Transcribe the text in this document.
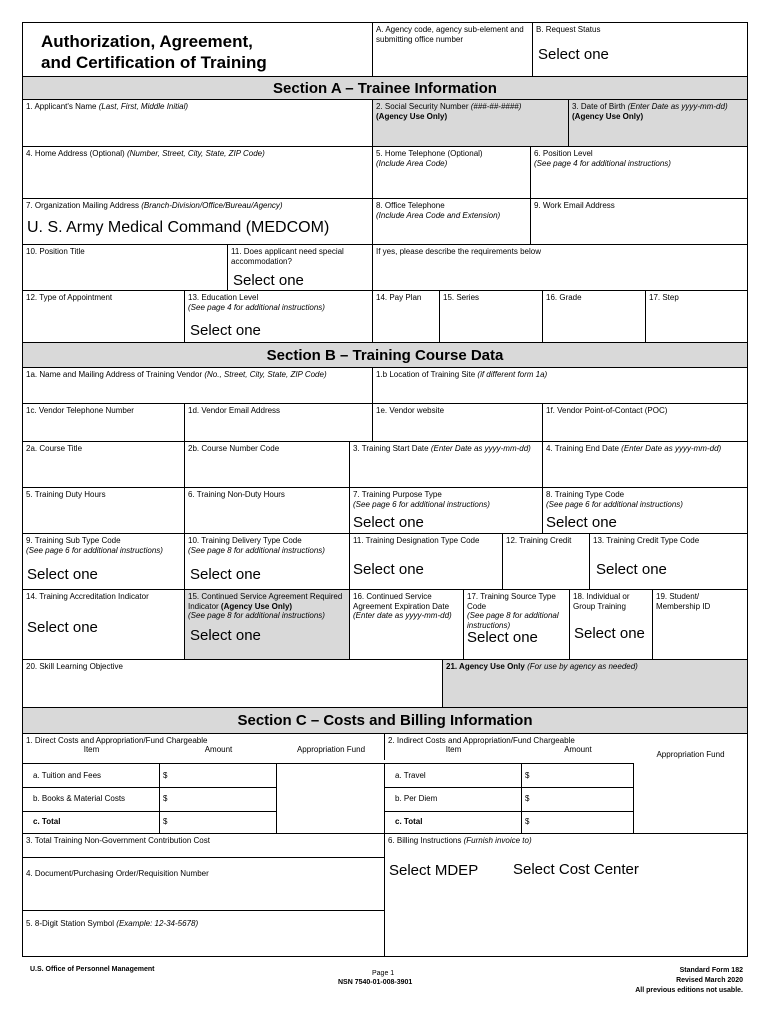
Authorization, Agreement,
and Certification of Training
A. Agency code, agency sub-element and submitting office number
B. Request Status
Select one
Section A – Trainee Information
1. Applicant's Name (Last, First, Middle Initial)	2. Social Security Number (###-##-####)
(Agency Use Only)
3. Date of Birth (Enter Date as yyyy-mm-dd)
(Agency Use Only)
4. Home Address (Optional) (Number, Street, City, State, ZIP Code)	5. Home Telephone (Optional)
(Include Area Code)
6. Position Level
(See page 4 for additional instructions)
7. Organization Mailing Address (Branch-Division/Office/Bureau/Agency)
U. S. Army Medical Command (MEDCOM)
8. Office Telephone
(Include Area Code and Extension)
9. Work Email Address
10. Position Title	11. Does applicant need special accommodation?
Select one
If yes, please describe the requirements below
12. Type of Appointment	13. Education Level
(See page 4 for additional instructions)
Select one
14. Pay Plan	15. Series	16. Grade	17. Step
Section B – Training Course Data
1a. Name and Mailing Address of Training Vendor (No., Street, City, State, ZIP Code)	1.b Location of Training Site (if different form 1a)
1c. Vendor Telephone Number	1d. Vendor Email Address	1e. Vendor website	1f. Vendor Point-of-Contact (POC)
2a. Course Title	2b. Course Number Code	3. Training Start Date (Enter Date as yyyy-mm-dd)	4. Training End Date (Enter Date as yyyy-mm-dd)
5. Training Duty Hours	6. Training Non-Duty Hours	7. Training Purpose Type
(See page 6 for additional instructions)
Select one
8. Training Type Code
(See page 6 for additional instructions)
Select one
9. Training Sub Type Code
(See page 6 for additional instructions)
Select one
10. Training Delivery Type Code
(See page 8 for additional instructions)
Select one
11. Training Designation Type Code
Select one
12. Training Credit	13. Training Credit Type Code
Select one
14. Training Accreditation Indicator
Select one
15. Continued Service Agreement Required Indicator (Agency Use Only)
(See page 8 for additional instructions)
Select one
16. Continued Service Agreement Expiration Date
(Enter date as yyyy-mm-dd)
17. Training Source Type Code
(See page 8 for additional instructions)
Select one
18. Individual or Group Training
Select one
19. Student/ Membership ID
20. Skill Learning Objective	21. Agency Use Only (For use by agency as needed)
Section C – Costs and Billing Information
1. Direct Costs and Appropriation/Fund Chargeable
Item	Amount	Appropriation Fund
2. Indirect Costs and Appropriation/Fund Chargeable
Item	Amount
Appropriation Fund
a. Tuition and Fees	$
b. Books & Material Costs	$
c. Total	$
a. Travel	$
b. Per Diem	$
c. Total	$
3. Total Training Non-Government Contribution Cost
4. Document/Purchasing Order/Requisition Number
5. 8-Digit Station Symbol (Example: 12-34-5678)
6. Billing Instructions (Furnish invoice to)
Select MDEP Select Cost Center
U.S. Office of Personnel Management
Page 1
NSN 7540-01-008-3901
Standard Form 182
Revised March 2020
All previous editions not usable.
